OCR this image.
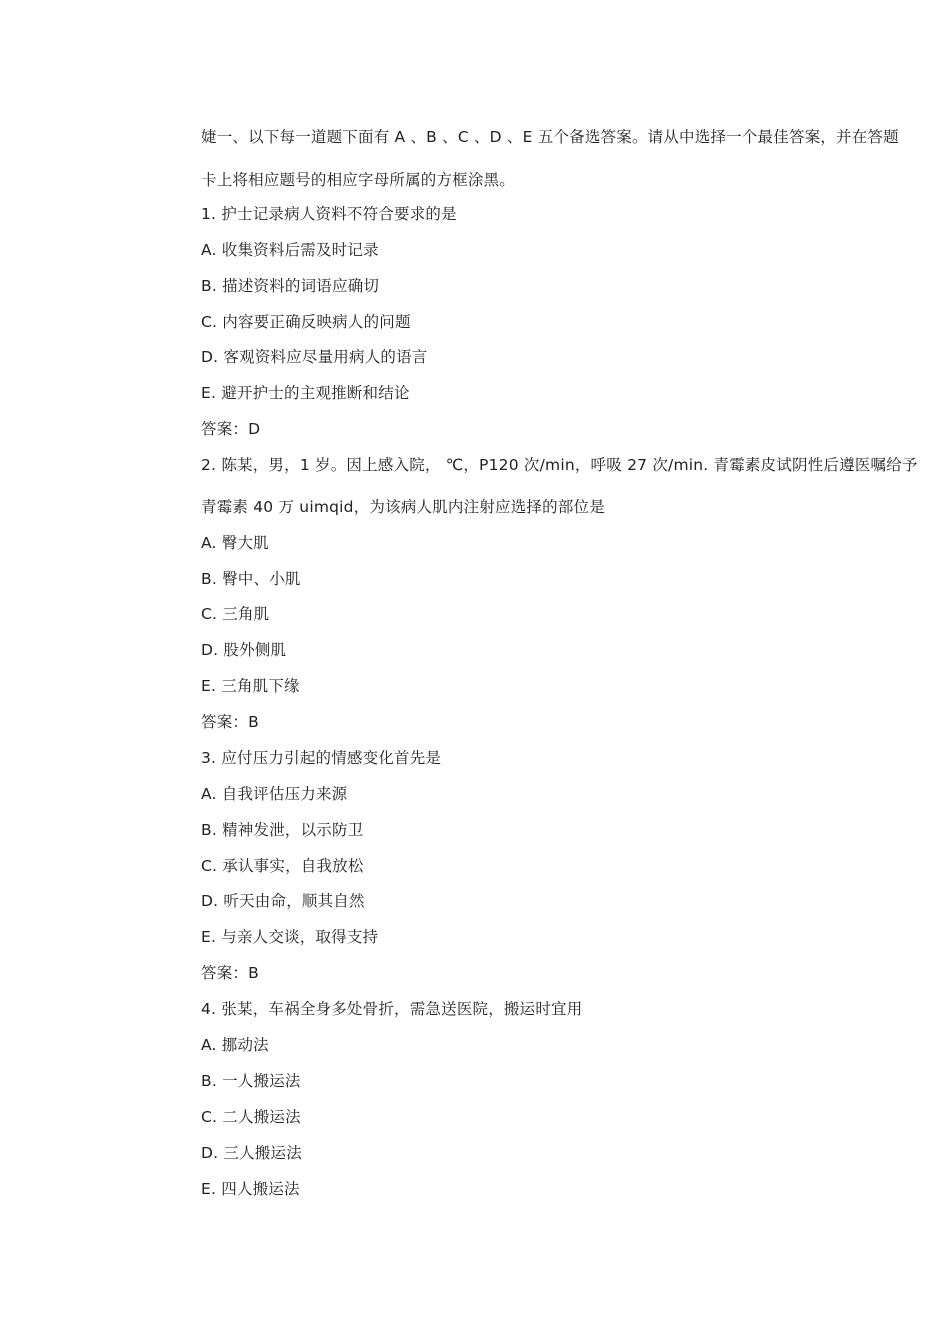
婕一、以下每一道题下面有 A 、B 、C 、D 、E 五个备选答案。请从中选择一个最佳答案，并在答题
卡上将相应题号的相应字母所属的方框涂黑。
1. 护士记录病人资料不符合要求的是
A. 收集资料后需及时记录
B. 描述资料的词语应确切
C. 内容要正确反映病人的问题
D. 客观资料应尽量用病人的语言
E. 避开护士的主观推断和结论
答案：D
2. 陈某，男，1 岁。因上感入院， ℃，P120 次/min，呼吸 27 次/min. 青霉素皮试阴性后遵医嘱给予
青霉素 40 万 uimqid，为该病人肌内注射应选择的部位是
A. 臀大肌
B. 臀中、小肌
C. 三角肌
D. 股外侧肌
E. 三角肌下缘
答案：B
3. 应付压力引起的情感变化首先是
A. 自我评估压力来源
B. 精神发泄，以示防卫
C. 承认事实，自我放松
D. 听天由命，顺其自然
E. 与亲人交谈，取得支持
答案：B
4. 张某，车祸全身多处骨折，需急送医院，搬运时宜用
A. 挪动法
B. 一人搬运法
C. 二人搬运法
D. 三人搬运法
E. 四人搬运法
